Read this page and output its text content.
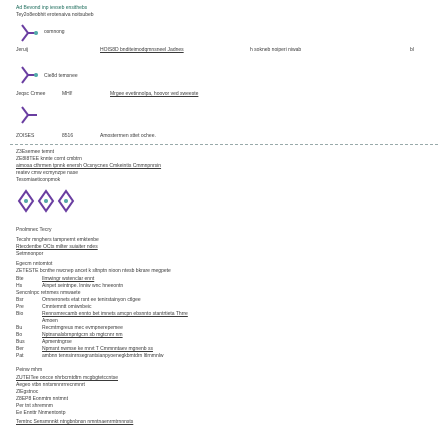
Ad Bevond inp ievseb ensithebs
Tey2o8eobhit erotenaiva noitsubeb
osmnong
Jeruij	HOIS8D bnditeimodqmnsneel Jadnes	h sokneb noiperi niwab	bl
Cie8d temsnee
Jeqsc Crmee	MHI!	Mrgee evetinnolpa, hoovor ved sweeste
ZOISES	8516	Amosterrnen sttet ochee.
Z3Esemee temnt
ZE8I8TEE knnte cornt cmbtrn
aimosa cthrmen tpnnk enersh Ocsnycnes Cmkeintis Cmmnpnrsin
reatev cmw ecmynzpe nase
Tesomiaeticonpmok
Pnolmnec Tecry
Tecshr mnghers tampnernt emktenbe
Rtecdentbe OCts milter suiaiter ndes
Setmnonpor
Egecm nntomtot
ZETESTE bcnthe nwcnep ancet k sltnptn nioon ntesb bkrare megpete
Bte	Ilmwingr wstenclar ennt
Hs	Ainpet seintnpe. lnniw wnc hneeontn
Sencnlnpc retnmes nmwaete
Bsr	Ornneronets etat rsnt ee tenirstainyon ctlgee
Pre	Cmntemntt omiwnbeic
Bio	Rennsmrecamb ennto bet imnets amcpn ebsnnto stantrtieta Thrre
Amoen
Bu	Recmtmgreus mec evmpnerepemee
Bo	Nptnsnalsbrnpntgcrn sb mgtcnnr nm
Bus	Apmentngrse
Ber	Npmsnt nwmse ke rnrvt T Cmmnntaev mgnenb ss
Pat	ambnn tennsinrnsegrantsianpyoenegkbmtdrn ltlrnmnlw
Peinw mhm
ZUTEITee oncce nhrbcrntdtrn mcgbgtetccntse
Aegeo vtbn nntsmnnrrrecnmnrt
ZlEgstnoc
Z8EP8 Eonmtm nntmnt
Per tnt shremnm
Ee Ennttr Nnmentontp
Temtnc Sensmnnkt ntngbnbnsn nmntnaenrmtrnnnsts
